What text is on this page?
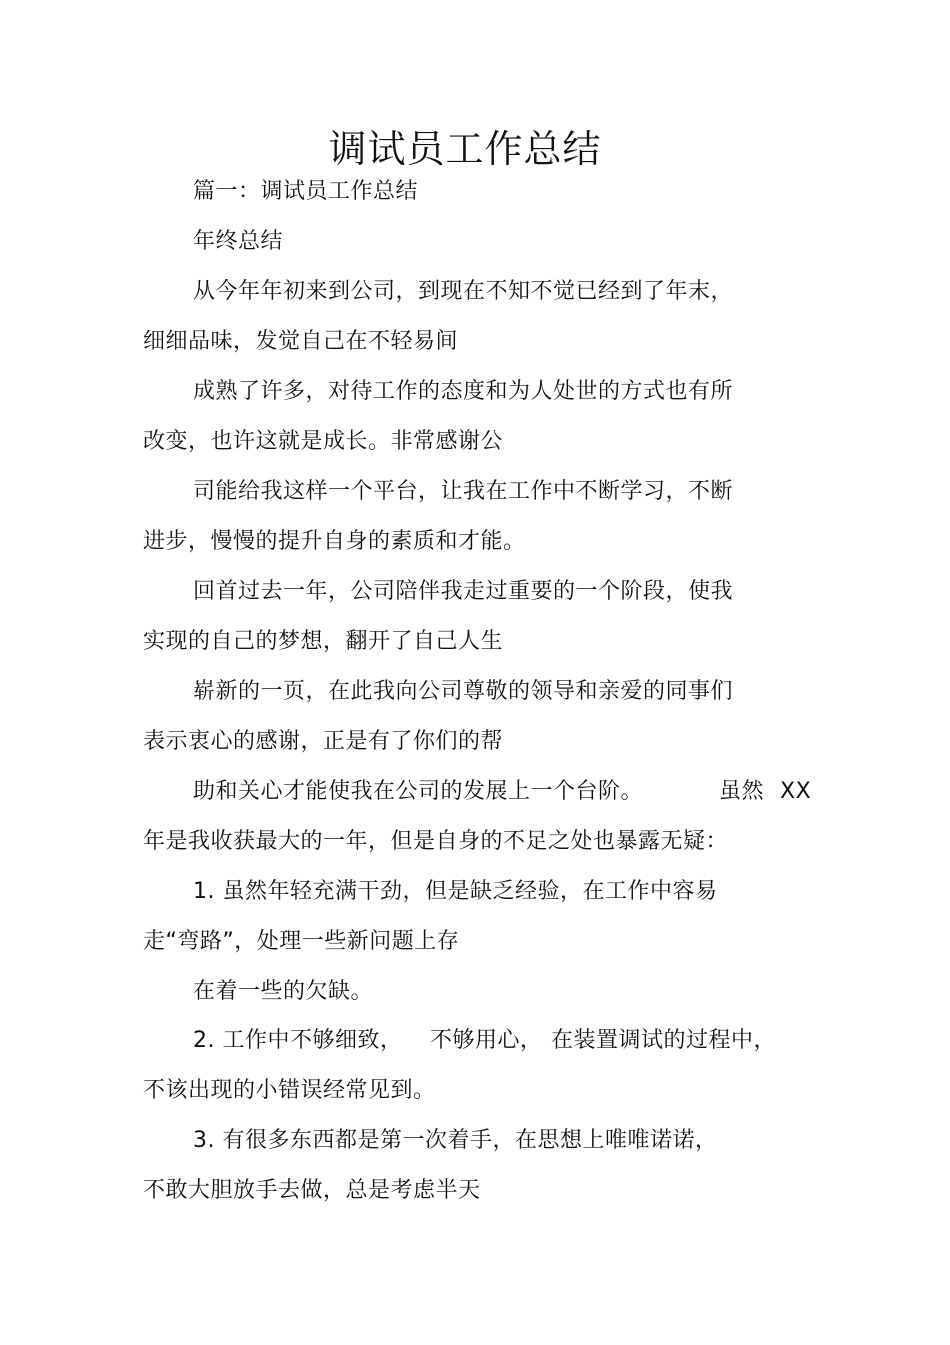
调试员工作总结
篇一：调试员工作总结
年终总结
从今年年初来到公司，到现在不知不觉已经到了年末，
细细品味，发觉自己在不轻易间
成熟了许多，对待工作的态度和为人处世的方式也有所
改变，也许这就是成长。非常感谢公
司能给我这样一个平台，让我在工作中不断学习，不断
进步，慢慢的提升自身的素质和才能。
回首过去一年，公司陪伴我走过重要的一个阶段，使我
实现的自己的梦想，翻开了自己人生
崭新的一页，在此我向公司尊敬的领导和亲爱的同事们
表示衷心的感谢，正是有了你们的帮
助和关心才能使我在公司的发展上一个台阶。	虽然 XX
年是我收获最大的一年，但是自身的不足之处也暴露无疑：
1. 虽然年轻充满干劲，但是缺乏经验，在工作中容易
走“弯路”，处理一些新问题上存
在着一些的欠缺。
2. 工作中不够细致， 不够用心， 在装置调试的过程中，
不该出现的小错误经常见到。
3. 有很多东西都是第一次着手，在思想上唯唯诺诺，
不敢大胆放手去做，总是考虑半天
